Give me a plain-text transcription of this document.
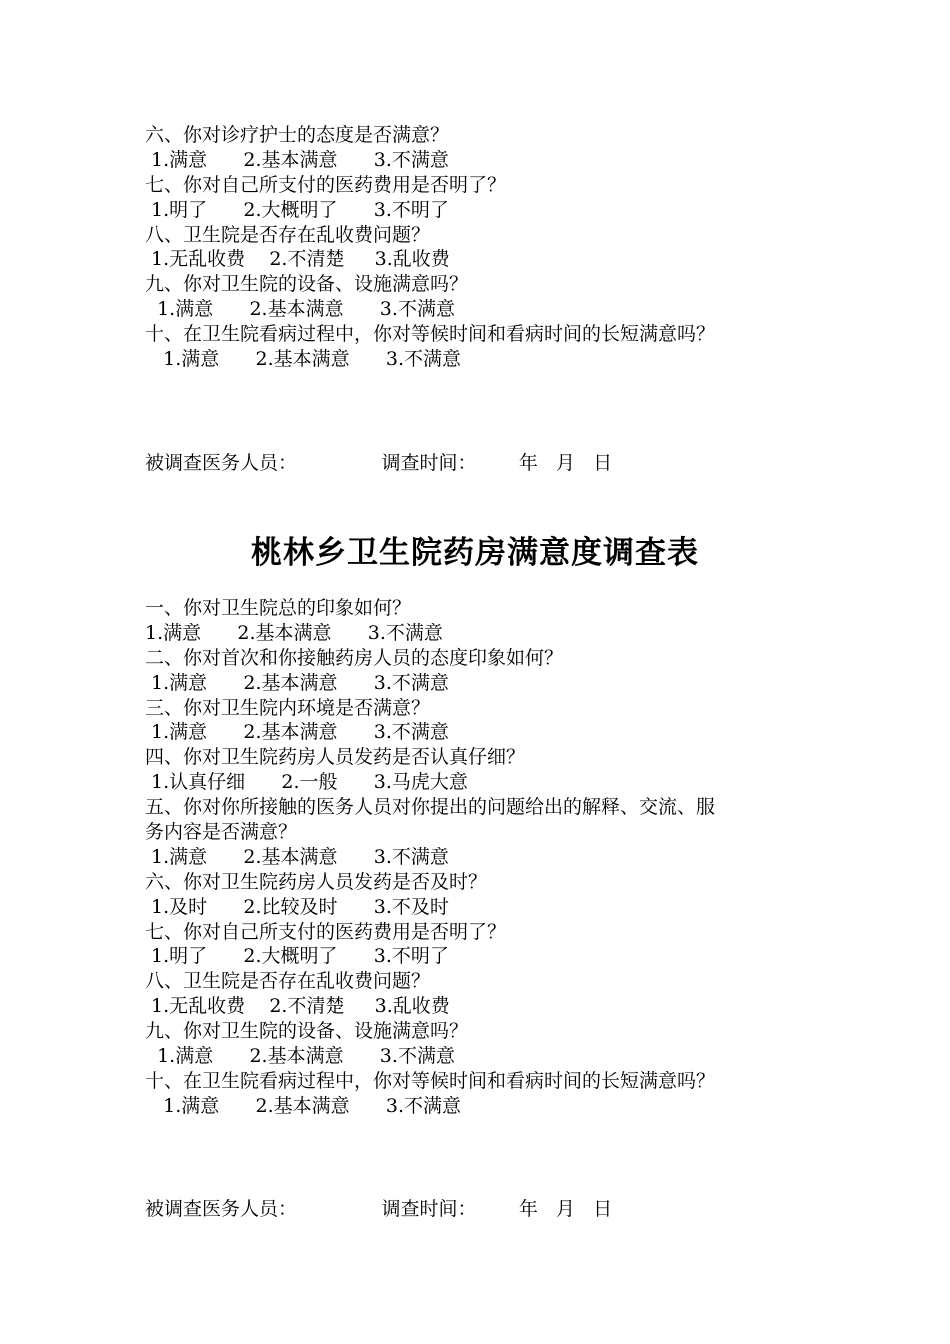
六、你对诊疗护士的态度是否满意？
1.满意      2.基本满意      3.不满意
七、你对自己所支付的医药费用是否明了？
1.明了      2.大概明了      3.不明了
八、卫生院是否存在乱收费问题？
1.无乱收费    2.不清楚     3.乱收费
九、你对卫生院的设备、设施满意吗？
1.满意      2.基本满意      3.不满意
十、在卫生院看病过程中，你对等候时间和看病时间的长短满意吗？
1.满意      2.基本满意      3.不满意
被调查医务人员：              调查时间：       年   月   日
桃林乡卫生院药房满意度调查表
一、你对卫生院总的印象如何？
1.满意      2.基本满意      3.不满意
二、你对首次和你接触药房人员的态度印象如何？
1.满意      2.基本满意      3.不满意
三、你对卫生院内环境是否满意？
1.满意      2.基本满意      3.不满意
四、你对卫生院药房人员发药是否认真仔细？
1.认真仔细      2.一般      3.马虎大意
五、你对你所接触的医务人员对你提出的问题给出的解释、交流、服
务内容是否满意？
1.满意      2.基本满意      3.不满意
六、你对卫生院药房人员发药是否及时？
1.及时      2.比较及时      3.不及时
七、你对自己所支付的医药费用是否明了？
1.明了      2.大概明了      3.不明了
八、卫生院是否存在乱收费问题？
1.无乱收费    2.不清楚     3.乱收费
九、你对卫生院的设备、设施满意吗？
1.满意      2.基本满意      3.不满意
十、在卫生院看病过程中，你对等候时间和看病时间的长短满意吗？
1.满意      2.基本满意      3.不满意
被调查医务人员：              调查时间：       年   月   日
